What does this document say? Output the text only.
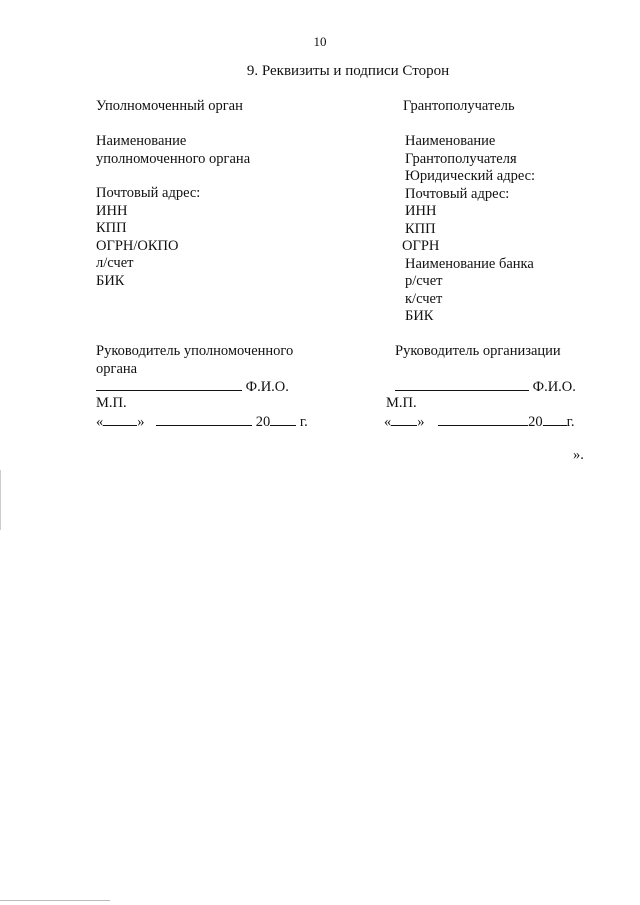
10
9. Реквизиты и подписи Сторон
Уполномоченный орган
Наименование
уполномоченного органа
Почтовый адрес:
ИНН
КПП
ОГРН/ОКПО
л/счет
БИК
Руководитель уполномоченного
органа
Ф.И.О.
М.П.
« »	20 г.
Грантополучатель
Наименование
Грантополучателя
Юридический адрес:
Почтовый адрес:
ИНН
КПП
ОГРН
Наименование банка
р/счет
к/счет
БИК
Руководитель организации
Ф.И.О.
М.П.
« »	20 г.
».
